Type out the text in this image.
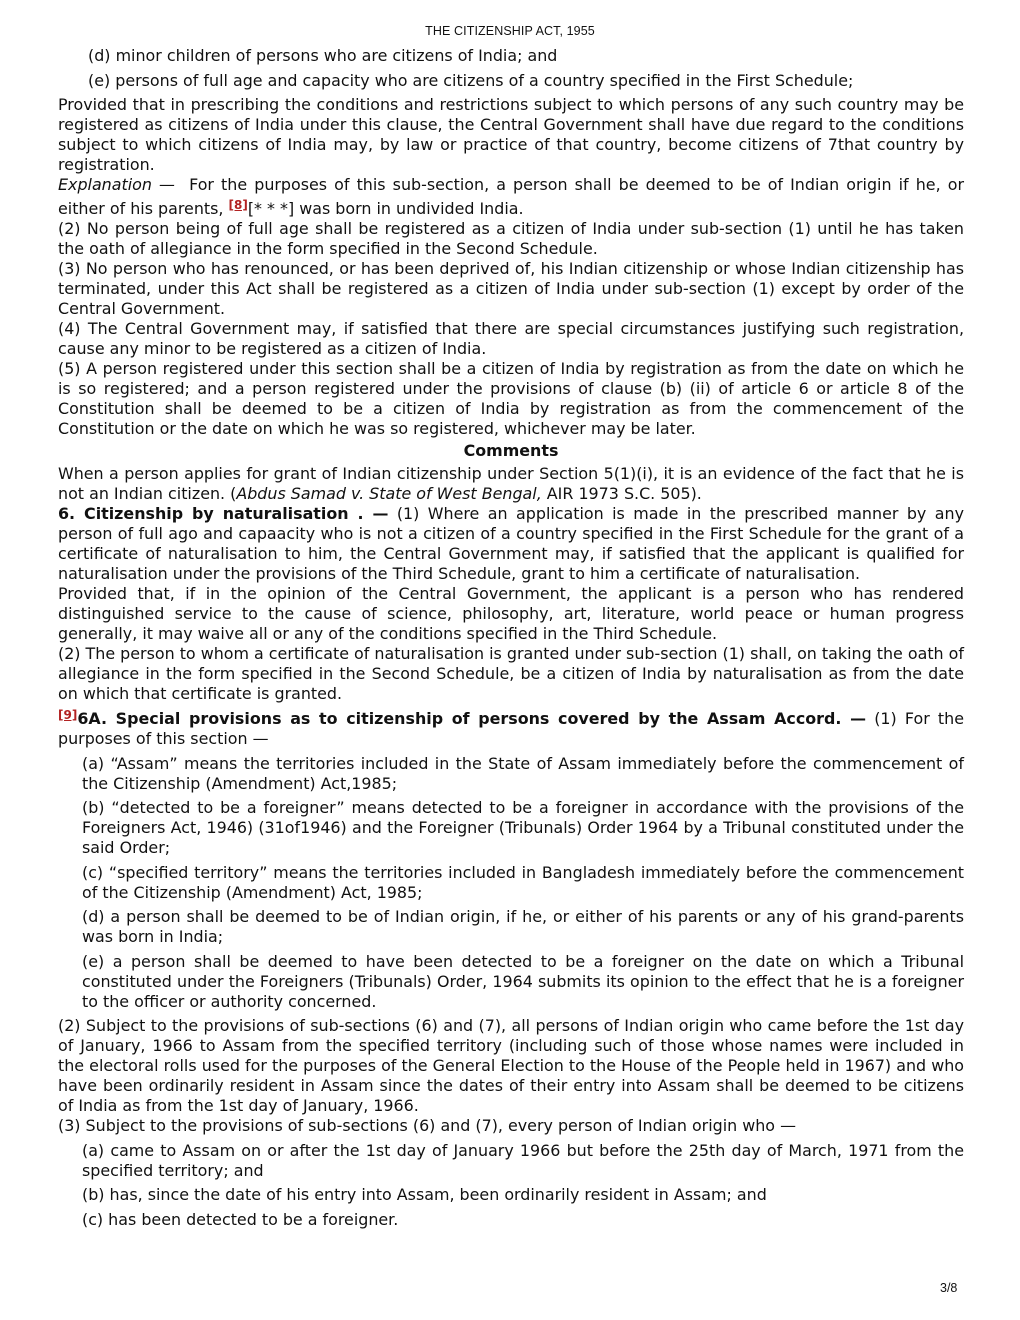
THE CITIZENSHIP ACT, 1955

(d) minor children of persons who are citizens of India; and

(e) persons of full age and capacity who are citizens of a country specified in the First Schedule;

Provided that in prescribing the conditions and restrictions subject to which persons of any such country may be registered as citizens of India under this clause, the Central Government shall have due regard to the conditions subject to which citizens of India may, by law or practice of that country, become citizens of 7that country by registration.

Explanation — For the purposes of this sub-section, a person shall be deemed to be of Indian origin if he, or either of his parents, [8][* * *] was born in undivided India.

(2) No person being of full age shall be registered as a citizen of India under sub-section (1) until he has taken the oath of allegiance in the form specified in the Second Schedule.

(3) No person who has renounced, or has been deprived of, his Indian citizenship or whose Indian citizenship has terminated, under this Act shall be registered as a citizen of India under sub-section (1) except by order of the Central Government.

(4) The Central Government may, if satisfied that there are special circumstances justifying such registration, cause any minor to be registered as a citizen of India.

(5) A person registered under this section shall be a citizen of India by registration as from the date on which he is so registered; and a person registered under the provisions of clause (b) (ii) of article 6 or article 8 of the Constitution shall be deemed to be a citizen of India by registration as from the commencement of the Constitution or the date on which he was so registered, whichever may be later.

Comments

When a person applies for grant of Indian citizenship under Section 5(1)(i), it is an evidence of the fact that he is not an Indian citizen. (Abdus Samad v. State of West Bengal, AIR 1973 S.C. 505).

6. Citizenship by naturalisation . — (1) Where an application is made in the prescribed manner by any person of full ago and capaacity who is not a citizen of a country specified in the First Schedule for the grant of a certificate of naturalisation to him, the Central Government may, if satisfied that the applicant is qualified for naturalisation under the provisions of the Third Schedule, grant to him a certificate of naturalisation.

Provided that, if in the opinion of the Central Government, the applicant is a person who has rendered distinguished service to the cause of science, philosophy, art, literature, world peace or human progress generally, it may waive all or any of the conditions specified in the Third Schedule.

(2) The person to whom a certificate of naturalisation is granted under sub-section (1) shall, on taking the oath of allegiance in the form specified in the Second Schedule, be a citizen of India by naturalisation as from the date on which that certificate is granted.

[9]6A. Special provisions as to citizenship of persons covered by the Assam Accord. — (1) For the purposes of this section —

(a) “Assam” means the territories included in the State of Assam immediately before the commencement of the Citizenship (Amendment) Act,1985;

(b) “detected to be a foreigner” means detected to be a foreigner in accordance with the provisions of the Foreigners Act, 1946) (31of1946) and the Foreigner (Tribunals) Order 1964 by a Tribunal constituted under the said Order;

(c) “specified territory” means the territories included in Bangladesh immediately before the commencement of the Citizenship (Amendment) Act, 1985;

(d) a person shall be deemed to be of Indian origin, if he, or either of his parents or any of his grand-parents was born in India;

(e) a person shall be deemed to have been detected to be a foreigner on the date on which a Tribunal constituted under the Foreigners (Tribunals) Order, 1964 submits its opinion to the effect that he is a foreigner to the officer or authority concerned.

(2) Subject to the provisions of sub-sections (6) and (7), all persons of Indian origin who came before the 1st day of January, 1966 to Assam from the specified territory (including such of those whose names were included in the electoral rolls used for the purposes of the General Election to the House of the People held in 1967) and who have been ordinarily resident in Assam since the dates of their entry into Assam shall be deemed to be citizens of India as from the 1st day of January, 1966.

(3) Subject to the provisions of sub-sections (6) and (7), every person of Indian origin who —

(a) came to Assam on or after the 1st day of January 1966 but before the 25th day of March, 1971 from the specified territory; and

(b) has, since the date of his entry into Assam, been ordinarily resident in Assam; and

(c) has been detected to be a foreigner.

3/8
